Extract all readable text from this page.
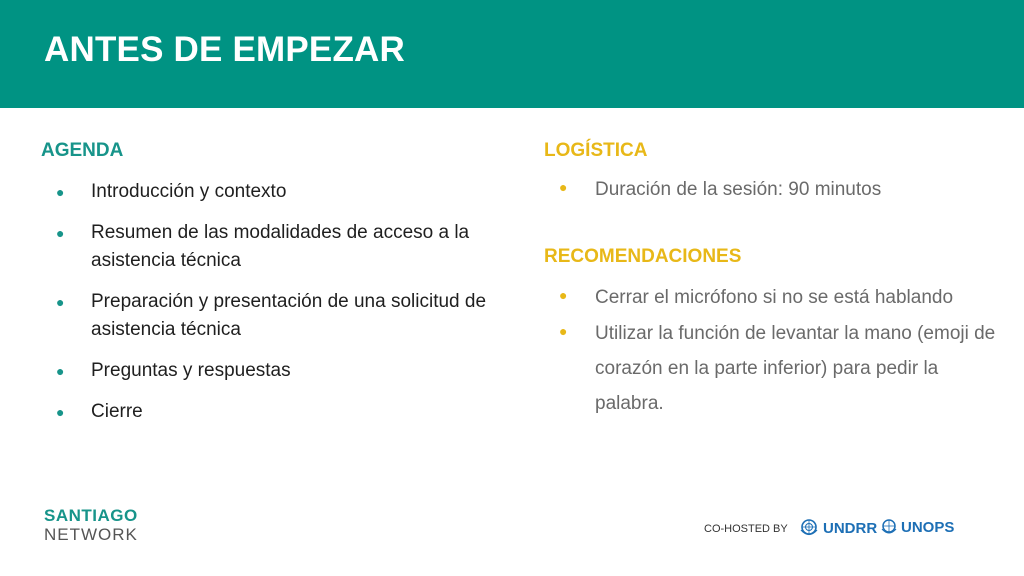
ANTES DE EMPEZAR
AGENDA
● Introducción y contexto
● Resumen de las modalidades de acceso a la asistencia técnica
● Preparación y presentación de una solicitud de asistencia técnica
● Preguntas y respuestas
● Cierre
LOGÍSTICA
● Duración de la sesión: 90 minutos
RECOMENDACIONES
● Cerrar el micrófono si no se está hablando
● Utilizar la función de levantar la mano (emoji de corazón en la parte inferior) para pedir la palabra.
SANTIAGO
NETWORK	CO-HOSTED BY UNDRR UNOPS
